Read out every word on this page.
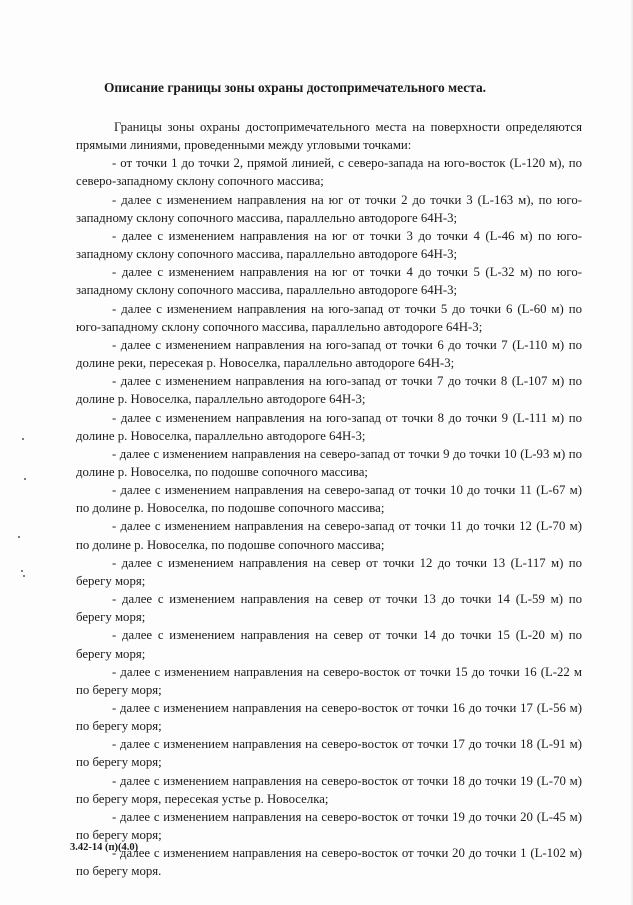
Описание границы зоны охраны достопримечательного места.

Границы зоны охраны достопримечательного места на поверхности определяются прямыми линиями, проведенными между угловыми точками:

- от точки 1 до точки 2, прямой линией, с северо-запада на юго-восток (L-120 м), по северо-западному склону сопочного массива;

- далее с изменением направления на юг от точки 2 до точки 3 (L-163 м), по юго-западному склону сопочного массива, параллельно автодороге 64Н-3;

- далее с изменением направления на юг от точки 3 до точки 4 (L-46 м) по юго-западному склону сопочного массива, параллельно автодороге 64Н-3;

- далее с изменением направления на юг от точки 4 до точки 5 (L-32 м) по юго-западному склону сопочного массива, параллельно автодороге 64Н-3;

- далее с изменением направления на юго-запад от точки 5 до точки 6 (L-60 м) по юго-западному склону сопочного массива, параллельно автодороге 64Н-3;

- далее с изменением направления на юго-запад от точки 6 до точки 7 (L-110 м) по долине реки, пересекая р. Новоселка, параллельно автодороге 64Н-3;

- далее с изменением направления на юго-запад от точки 7 до точки 8 (L-107 м) по долине р. Новоселка, параллельно автодороге 64Н-3;

- далее с изменением направления на юго-запад от точки 8 до точки 9 (L-111 м) по долине р. Новоселка, параллельно автодороге 64Н-3;

- далее с изменением направления на северо-запад от точки 9 до точки 10 (L-93 м) по долине р. Новоселка, по подошве сопочного массива;

- далее с изменением направления на северо-запад от точки 10 до точки 11 (L-67 м) по долине р. Новоселка, по подошве сопочного массива;

- далее с изменением направления на северо-запад от точки 11 до точки 12 (L-70 м) по долине р. Новоселка, по подошве сопочного массива;

- далее с изменением направления на север от точки 12 до точки 13 (L-117 м) по берегу моря;

- далее с изменением направления на север от точки 13 до точки 14 (L-59 м) по берегу моря;

- далее с изменением направления на север от точки 14 до точки 15 (L-20 м) по берегу моря;

- далее с изменением направления на северо-восток от точки 15 до точки 16 (L-22 м по берегу моря;

- далее с изменением направления на северо-восток от точки 16 до точки 17 (L-56 м) по берегу моря;

- далее с изменением направления на северо-восток от точки 17 до точки 18 (L-91 м) по берегу моря;

- далее с изменением направления на северо-восток от точки 18 до точки 19 (L-70 м) по берегу моря, пересекая устье р. Новоселка;

- далее с изменением направления на северо-восток от точки 19 до точки 20 (L-45 м) по берегу моря;

- далее с изменением направления на северо-восток от точки 20 до точки 1 (L-102 м) по берегу моря.

3.42-14 (п)(4.0)
